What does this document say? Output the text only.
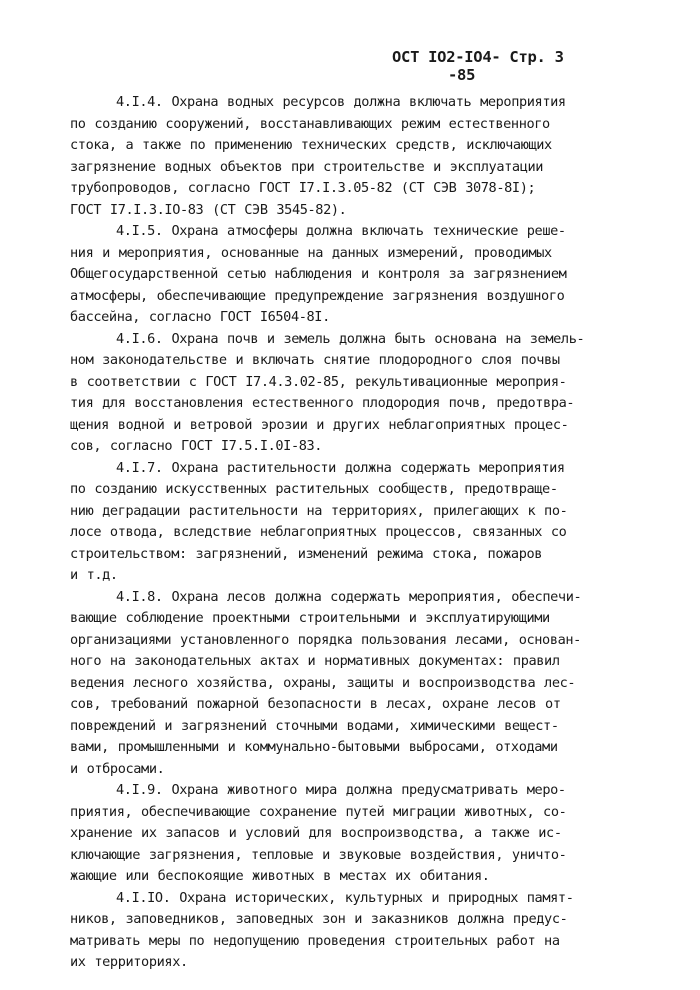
ОСТ IO2-IO4- Стр. 3
-85
4.I.4. Охрана водных ресурсов должна включать мероприятия
по созданию сооружений, восстанавливающих режим естественного
стока, а также по применению технических средств, исключающих
загрязнение водных объектов при строительстве и эксплуатации
трубопроводов, согласно ГОСТ I7.I.3.05-82 (СТ СЭВ 3078-8I);
ГОСТ I7.I.3.IO-83 (СТ СЭВ 3545-82).
4.I.5. Охрана атмосферы должна включать технические реше-
ния и мероприятия, основанные на данных измерений, проводимых
Общегосударственной сетью наблюдения и контроля за загрязнением
атмосферы, обеспечивающие предупреждение загрязнения воздушного
бассейна, согласно ГОСТ I6504-8I.
4.I.6. Охрана почв и земель должна быть основана на земель-
ном законодательстве и включать снятие плодородного слоя почвы
в соответствии с ГОСТ I7.4.3.02-85, рекультивационные мероприя-
тия для восстановления естественного плодородия почв, предотвра-
щения водной и ветровой эрозии и других неблагоприятных процес-
сов, согласно ГОСТ I7.5.I.0I-83.
4.I.7. Охрана растительности должна содержать мероприятия
по созданию искусственных растительных сообществ, предотвраще-
нию деградации растительности на территориях, прилегающих к по-
лосе отвода, вследствие неблагоприятных процессов, связанных со
строительством: загрязнений, изменений режима стока, пожаров
и т.д.
4.I.8. Охрана лесов должна содержать мероприятия, обеспечи-
вающие соблюдение проектными строительными и эксплуатирующими
организациями установленного порядка пользования лесами, основан-
ного на законодательных актах и нормативных документах: правил
ведения лесного хозяйства, охраны, защиты и воспроизводства лес-
сов, требований пожарной безопасности в лесах, охране лесов от
повреждений и загрязнений сточными водами, химическими вещест-
вами, промышленными и коммунально-бытовыми выбросами, отходами
и отбросами.
4.I.9. Охрана животного мира должна предусматривать меро-
приятия, обеспечивающие сохранение путей миграции животных, со-
хранение их запасов и условий для воспроизводства, а также ис-
ключающие загрязнения, тепловые и звуковые воздействия, уничто-
жающие или беспокоящие животных в местах их обитания.
4.I.IO. Охрана исторических, культурных и природных памят-
ников, заповедников, заповедных зон и заказников должна предус-
матривать меры по недопущению проведения строительных работ на
их территориях.
